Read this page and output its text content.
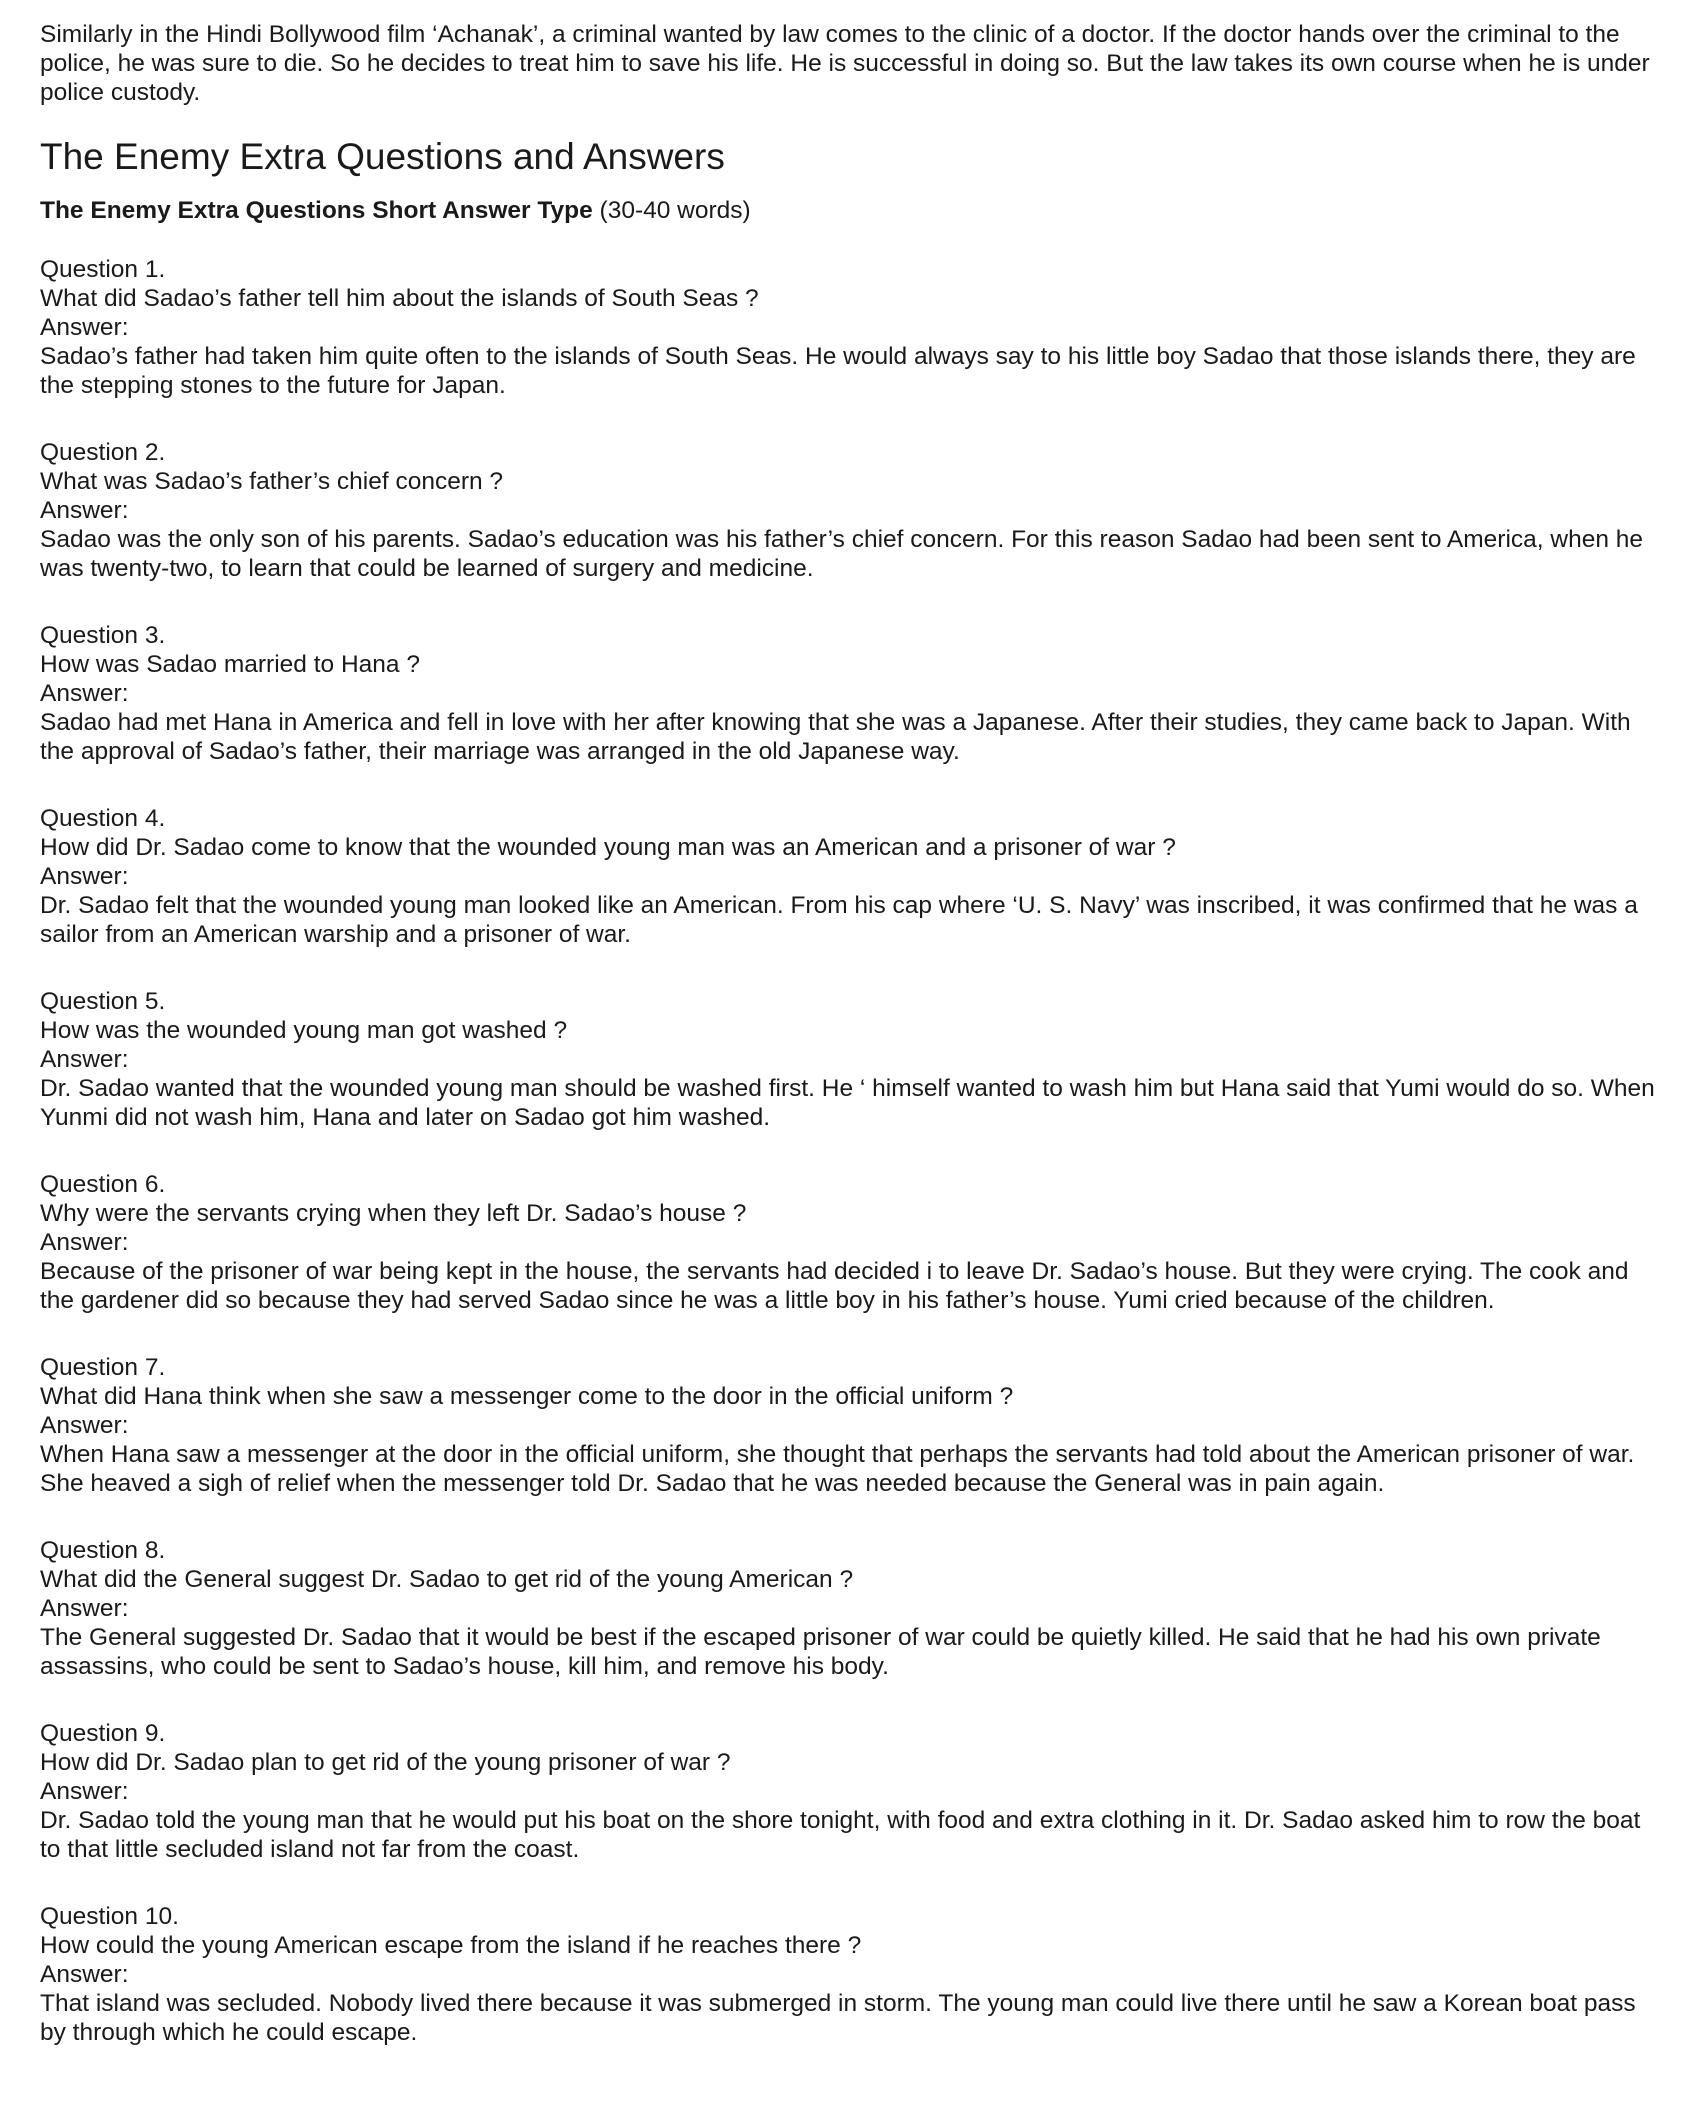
Similarly in the Hindi Bollywood film ‘Achanak’, a criminal wanted by law comes to the clinic of a doctor. If the doctor hands over the criminal to the police, he was sure to die. So he decides to treat him to save his life. He is successful in doing so. But the law takes its own course when he is under police custody.

The Enemy Extra Questions and Answers

The Enemy Extra Questions Short Answer Type (30-40 words)

Question 1.
What did Sadao’s father tell him about the islands of South Seas ?
Answer:
Sadao’s father had taken him quite often to the islands of South Seas. He would always say to his little boy Sadao that those islands there, they are the stepping stones to the future for Japan.
Question 2.
What was Sadao’s father’s chief concern ?
Answer:
Sadao was the only son of his parents. Sadao’s education was his father’s chief concern. For this reason Sadao had been sent to America, when he was twenty-two, to learn that could be learned of surgery and medicine.
Question 3.
How was Sadao married to Hana ?
Answer:
Sadao had met Hana in America and fell in love with her after knowing that she was a Japanese. After their studies, they came back to Japan. With the approval of Sadao’s father, their marriage was arranged in the old Japanese way.
Question 4.
How did Dr. Sadao come to know that the wounded young man was an American and a prisoner of war ?
Answer:
Dr. Sadao felt that the wounded young man looked like an American. From his cap where ‘U. S. Navy’ was inscribed, it was confirmed that he was a sailor from an American warship and a prisoner of war.
Question 5.
How was the wounded young man got washed ?
Answer:
Dr. Sadao wanted that the wounded young man should be washed first. He ‘ himself wanted to wash him but Hana said that Yumi would do so. When Yunmi did not wash him, Hana and later on Sadao got him washed.
Question 6.
Why were the servants crying when they left Dr. Sadao’s house ?
Answer:
Because of the prisoner of war being kept in the house, the servants had decided i to leave Dr. Sadao’s house. But they were crying. The cook and the gardener did so because they had served Sadao since he was a little boy in his father’s house. Yumi cried because of the children.
Question 7.
What did Hana think when she saw a messenger come to the door in the official uniform ?
Answer:
When Hana saw a messenger at the door in the official uniform, she thought that perhaps the servants had told about the American prisoner of war. She heaved a sigh of relief when the messenger told Dr. Sadao that he was needed because the General was in pain again.
Question 8.
What did the General suggest Dr. Sadao to get rid of the young American ?
Answer:
The General suggested Dr. Sadao that it would be best if the escaped prisoner of war could be quietly killed. He said that he had his own private assassins, who could be sent to Sadao’s house, kill him, and remove his body.
Question 9.
How did Dr. Sadao plan to get rid of the young prisoner of war ?
Answer:
Dr. Sadao told the young man that he would put his boat on the shore tonight, with food and extra clothing in it. Dr. Sadao asked him to row the boat to that little secluded island not far from the coast.
Question 10.
How could the young American escape from the island if he reaches there ?
Answer:
That island was secluded. Nobody lived there because it was submerged in storm. The young man could live there until he saw a Korean boat pass by through which he could escape.
